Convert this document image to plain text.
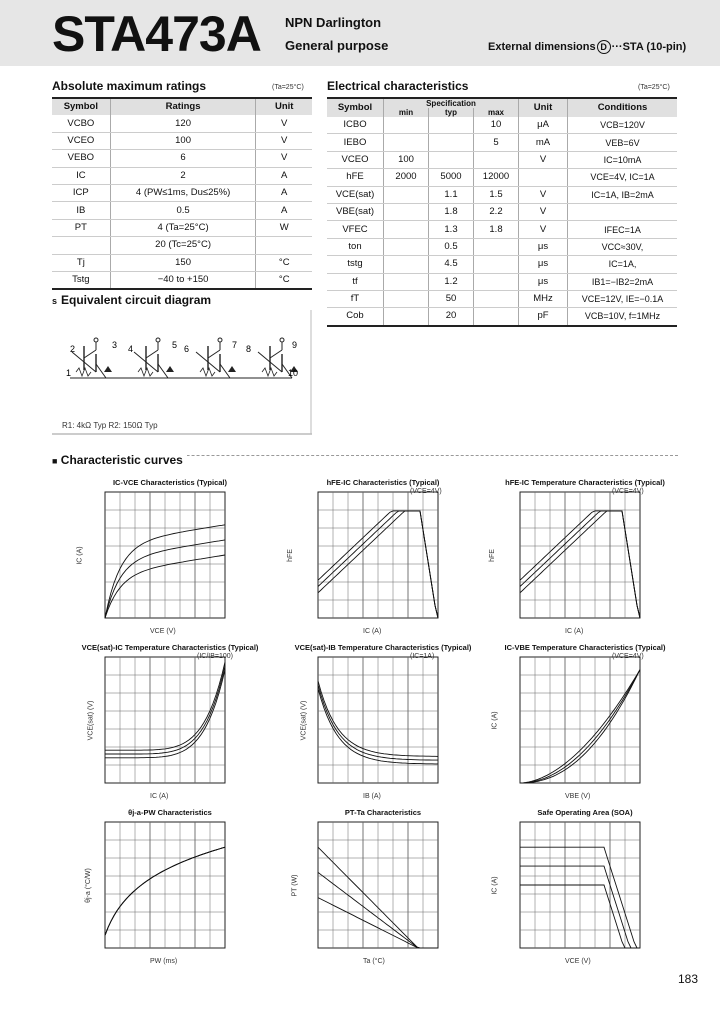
STA473A NPN Darlington
General purpose	External dimensions D ···STA (10-pin)
Absolute maximum ratings	(Ta=25°C)
Symbol	Ratings	Unit
VCBO	120	V
VCEO	100	V
VEBO	6	V
IC	2	A
ICP	4 (PW≤1ms, Du≤25%)	A
IB	0.5	A
PT	4 (Ta=25°C)	W
	20 (Tc=25°C)	
Tj	150	°C
Tstg	−40 to +150	°C
Electrical characteristics	(Ta=25°C)
Symbol	Specification			Unit	Conditions
	min	typ	max		
ICBO			10	μA	VCB=120V
IEBO			5	mA	VEB=6V
VCEO	100			V	IC=10mA
hFE	2000	5000	12000		VCE=4V, IC=1A
VCE(sat)		1.1	1.5	V	IC=1A, IB=2mA
VBE(sat)		1.8	2.2	V	
VFEC		1.3	1.8	V	IFEC=1A
ton		0.5		μs	VCC≈30V,
tstg		4.5		μs	IC=1A,
tf		1.2		μs	IB1=−IB2=2mA
fT		50		MHz	VCE=12V, IE=−0.1A
Cob		20		pF	VCB=10V, f=1MHz
s Equivalent circuit diagram
2	3 4	5 6	7 8	9
1	10
R1: 4kΩ Typ R2: 150Ω Typ
■ Characteristic curves
IC-VCE Characteristics (Typical)
VCE (V)
IC (A)
hFE-IC Characteristics (Typical)
IC (A)
hFE
(VCE=4V)
hFE-IC Temperature Characteristics (Typical)
IC (A)
hFE
(VCE=4V)
VCE(sat)-IC Temperature Characteristics (Typical)
IC (A)
VCE(sat) (V)
(IC/IB=100)
VCE(sat)-IB Temperature Characteristics (Typical)
IB (A)
VCE(sat) (V)
(IC=1A)
IC-VBE Temperature Characteristics (Typical)
VBE (V)
IC (A)
(VCE=4V)
θj-a-PW Characteristics
PW (ms)
θj-a (°C/W)
PT-Ta Characteristics
Ta (°C)
PT (W)
Safe Operating Area (SOA)
VCE (V)
IC (A)
183
